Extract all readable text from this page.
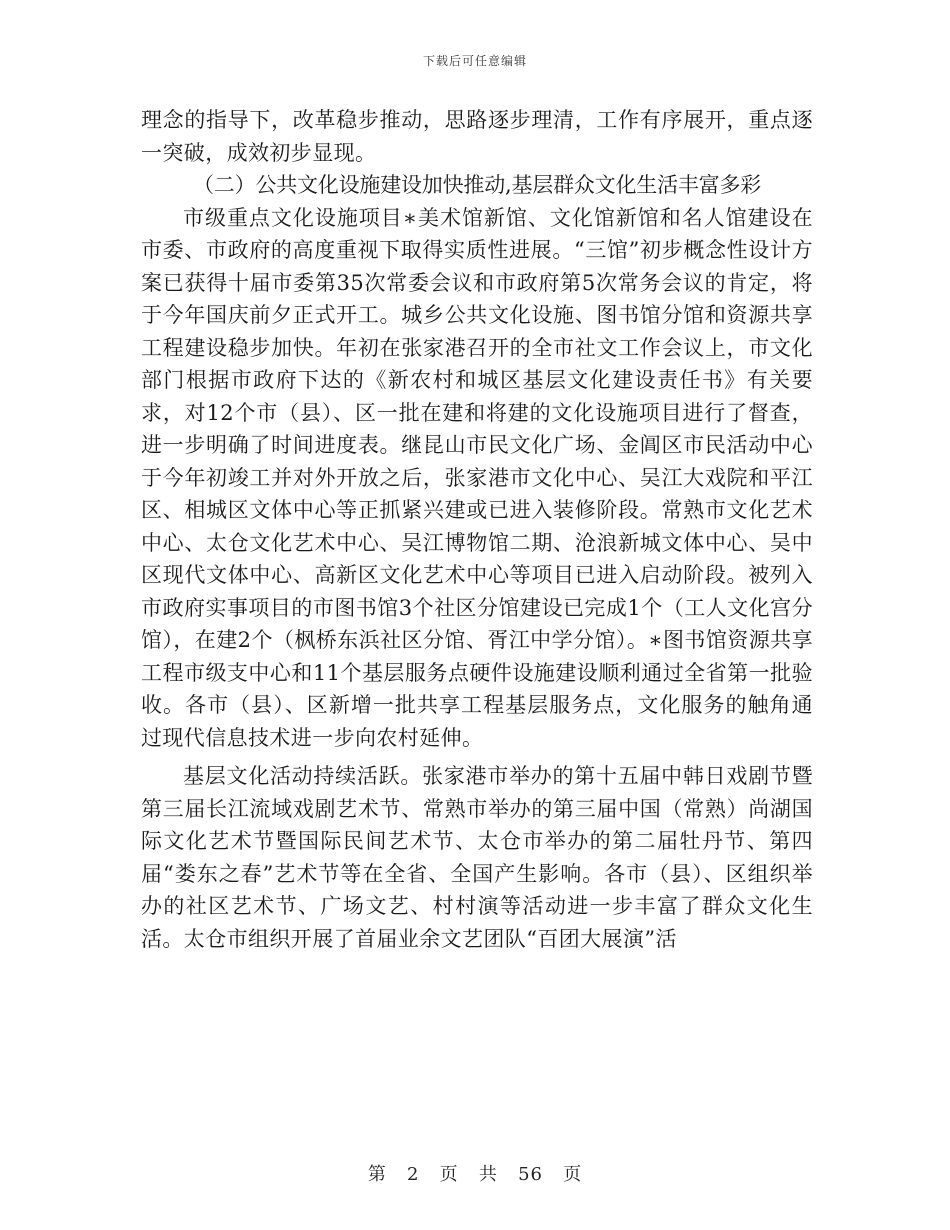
下载后可任意编辑

理念的指导下，改革稳步推动，思路逐步理清，工作有序展开，重点逐一突破，成效初步显现。

（二）公共文化设施建设加快推动,基层群众文化生活丰富多彩

市级重点文化设施项目∗美术馆新馆、文化馆新馆和名人馆建设在市委、市政府的高度重视下取得实质性进展。“三馆”初步概念性设计方案已获得十届市委第35次常委会议和市政府第5次常务会议的肯定，将于今年国庆前夕正式开工。城乡公共文化设施、图书馆分馆和资源共享工程建设稳步加快。年初在张家港召开的全市社文工作会议上，市文化部门根据市政府下达的《新农村和城区基层文化建设责任书》有关要求，对12个市（县）、区一批在建和将建的文化设施项目进行了督查，进一步明确了时间进度表。继昆山市民文化广场、金阊区市民活动中心于今年初竣工并对外开放之后，张家港市文化中心、吴江大戏院和平江区、相城区文体中心等正抓紧兴建或已进入装修阶段。常熟市文化艺术中心、太仓文化艺术中心、吴江博物馆二期、沧浪新城文体中心、吴中区现代文体中心、高新区文化艺术中心等项目已进入启动阶段。被列入市政府实事项目的市图书馆3个社区分馆建设已完成1个（工人文化宫分馆），在建2个（枫桥东浜社区分馆、胥江中学分馆）。∗图书馆资源共享工程市级支中心和11个基层服务点硬件设施建设顺利通过全省第一批验收。各市（县）、区新增一批共享工程基层服务点，文化服务的触角通过现代信息技术进一步向农村延伸。

基层文化活动持续活跃。张家港市举办的第十五届中韩日戏剧节暨第三届长江流域戏剧艺术节、常熟市举办的第三届中国（常熟）尚湖国际文化艺术节暨国际民间艺术节、太仓市举办的第二届牡丹节、第四届“娄东之春”艺术节等在全省、全国产生影响。各市（县）、区组织举办的社区艺术节、广场文艺、村村演等活动进一步丰富了群众文化生活。太仓市组织开展了首届业余文艺团队“百团大展演”活

第 2 页 共 56 页
